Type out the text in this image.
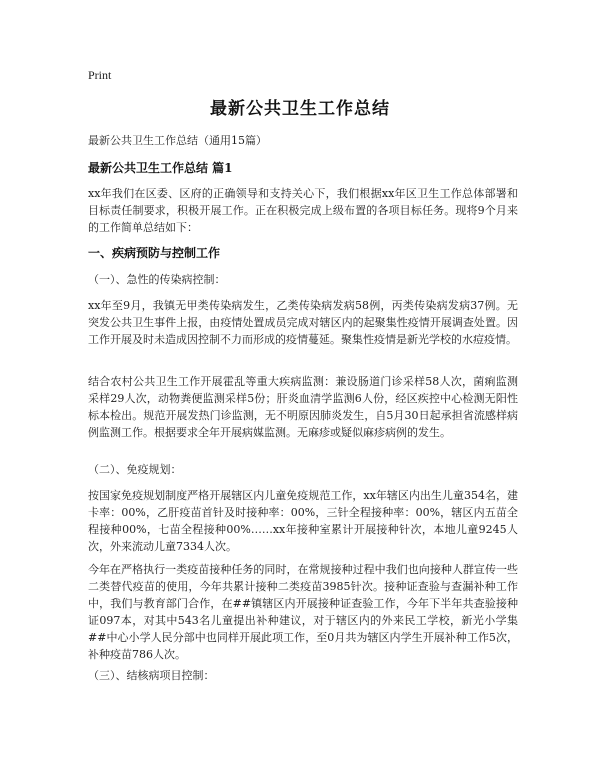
Print
最新公共卫生工作总结
最新公共卫生工作总结（通用15篇）
最新公共卫生工作总结 篇1
xx年我们在区委、区府的正确领导和支持关心下，我们根据xx年区卫生工作总体部署和目标责任制要求，积极开展工作。正在积极完成上级布置的各项目标任务。现将9个月来的工作简单总结如下：
一、疾病预防与控制工作
（一）、急性的传染病控制：
xx年至9月，我镇无甲类传染病发生，乙类传染病发病58例，丙类传染病发病37例。无突发公共卫生事件上报，由疫情处置成员完成对辖区内的起聚集性疫情开展调查处置。因工作开展及时未造成因控制不力而形成的疫情蔓延。聚集性疫情是新光学校的水痘疫情。
结合农村公共卫生工作开展霍乱等重大疾病监测：兼设肠道门诊采样58人次，菌痢监测采样29人次，动物粪便监测采样5份；肝炎血清学监测6人份，经区疾控中心检测无阳性标本检出。规范开展发热门诊监测，无不明原因肺炎发生，自5月30日起承担省流感样病例监测工作。根据要求全年开展病媒监测。无麻疹或疑似麻疹病例的发生。
（二）、免疫规划：
按国家免疫规划制度严格开展辖区内儿童免疫规范工作，xx年辖区内出生儿童354名，建卡率：00%，乙肝疫苗首针及时接种率：00%，三针全程接种率：00%，辖区内五苗全程接种00%，七苗全程接种00%……xx年接种室累计开展接种针次，本地儿童9245人次，外来流动儿童7334人次。
今年在严格执行一类疫苗接种任务的同时，在常规接种过程中我们也向接种人群宣传一些二类替代疫苗的使用，今年共累计接种二类疫苗3985针次。接种证查验与查漏补种工作中，我们与教育部门合作，在##镇辖区内开展接种证查验工作，今年下半年共查验接种证097本，对其中543名儿童提出补种建议，对于辖区内的外来民工学校，新光小学集##中心小学人民分部中也同样开展此项工作，至0月共为辖区内学生开展补种工作5次，补种疫苗786人次。
（三）、结核病项目控制：
